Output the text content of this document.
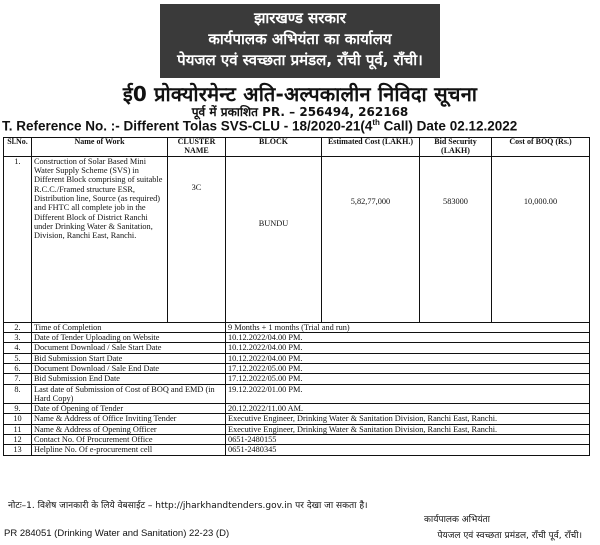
झारखण्ड सरकार
कार्यपालक अभियंता का कार्यालय
पेयजल एवं स्वच्छता प्रमंडल, राँची पूर्व, राँची।
ई0 प्रोक्योरमेन्ट अति-अल्पकालीन निविदा सूचना
पूर्व में प्रकाशित PR. – 256494, 262168
T. Reference No. :- Different Tolas SVS-CLU - 18/2020-21(4th Call) Date 02.12.2022
Sl.No.	Name of Work	CLUSTER NAME	BLOCK	Estimated Cost (LAKH.)	Bid Security (LAKH)	Cost of BOQ (Rs.)
1.	Construction of Solar Based Mini Water Supply Scheme (SVS) in Different Block comprising of suitable R.C.C./Framed structure ESR, Distribution line, Source (as required) and FHTC all complete job in the Different Block of District Ranchi under Drinking Water & Sanitation, Division, Ranchi East, Ranchi.	3C	BUNDU	5,82,77,000	583000	10,000.00
2.	Time of Completion		9 Months + 1 months (Trial and run)			
3.	Date of Tender Uploading on Website		10.12.2022/04.00 PM.			
4.	Document Download / Sale Start Date		10.12.2022/04.00 PM.			
5.	Bid Submission Start Date		10.12.2022/04.00 PM.			
6.	Document Download / Sale End Date		17.12.2022/05.00 PM.			
7.	Bid Submission End Date		17.12.2022/05.00 PM.			
8.	Last date of Submission of Cost of BOQ and EMD (in Hard Copy)		19.12.2022/01.00 PM.			
9.	Date of Opening of Tender		20.12.2022/11.00 AM.			
10	Name & Address of Office Inviting Tender		Executive Engineer, Drinking Water & Sanitation Division, Ranchi East, Ranchi.			
11	Name & Address of Opening Officer		Executive Engineer, Drinking Water & Sanitation Division, Ranchi East, Ranchi.			
12	Contact No. Of Procurement Office		0651-2480155			
13	Helpline No. Of e-procurement cell		0651-2480345			
नोटः–1. विशेष जानकारी के लिये वेबसाईट – http://jharkhandtenders.gov.in पर देखा जा सकता है।
कार्यपालक अभियंता
PR 284051 (Drinking Water and Sanitation) 22-23 (D)	पेयजल एवं स्वच्छता प्रमंडल, राँची पूर्व, राँची।
